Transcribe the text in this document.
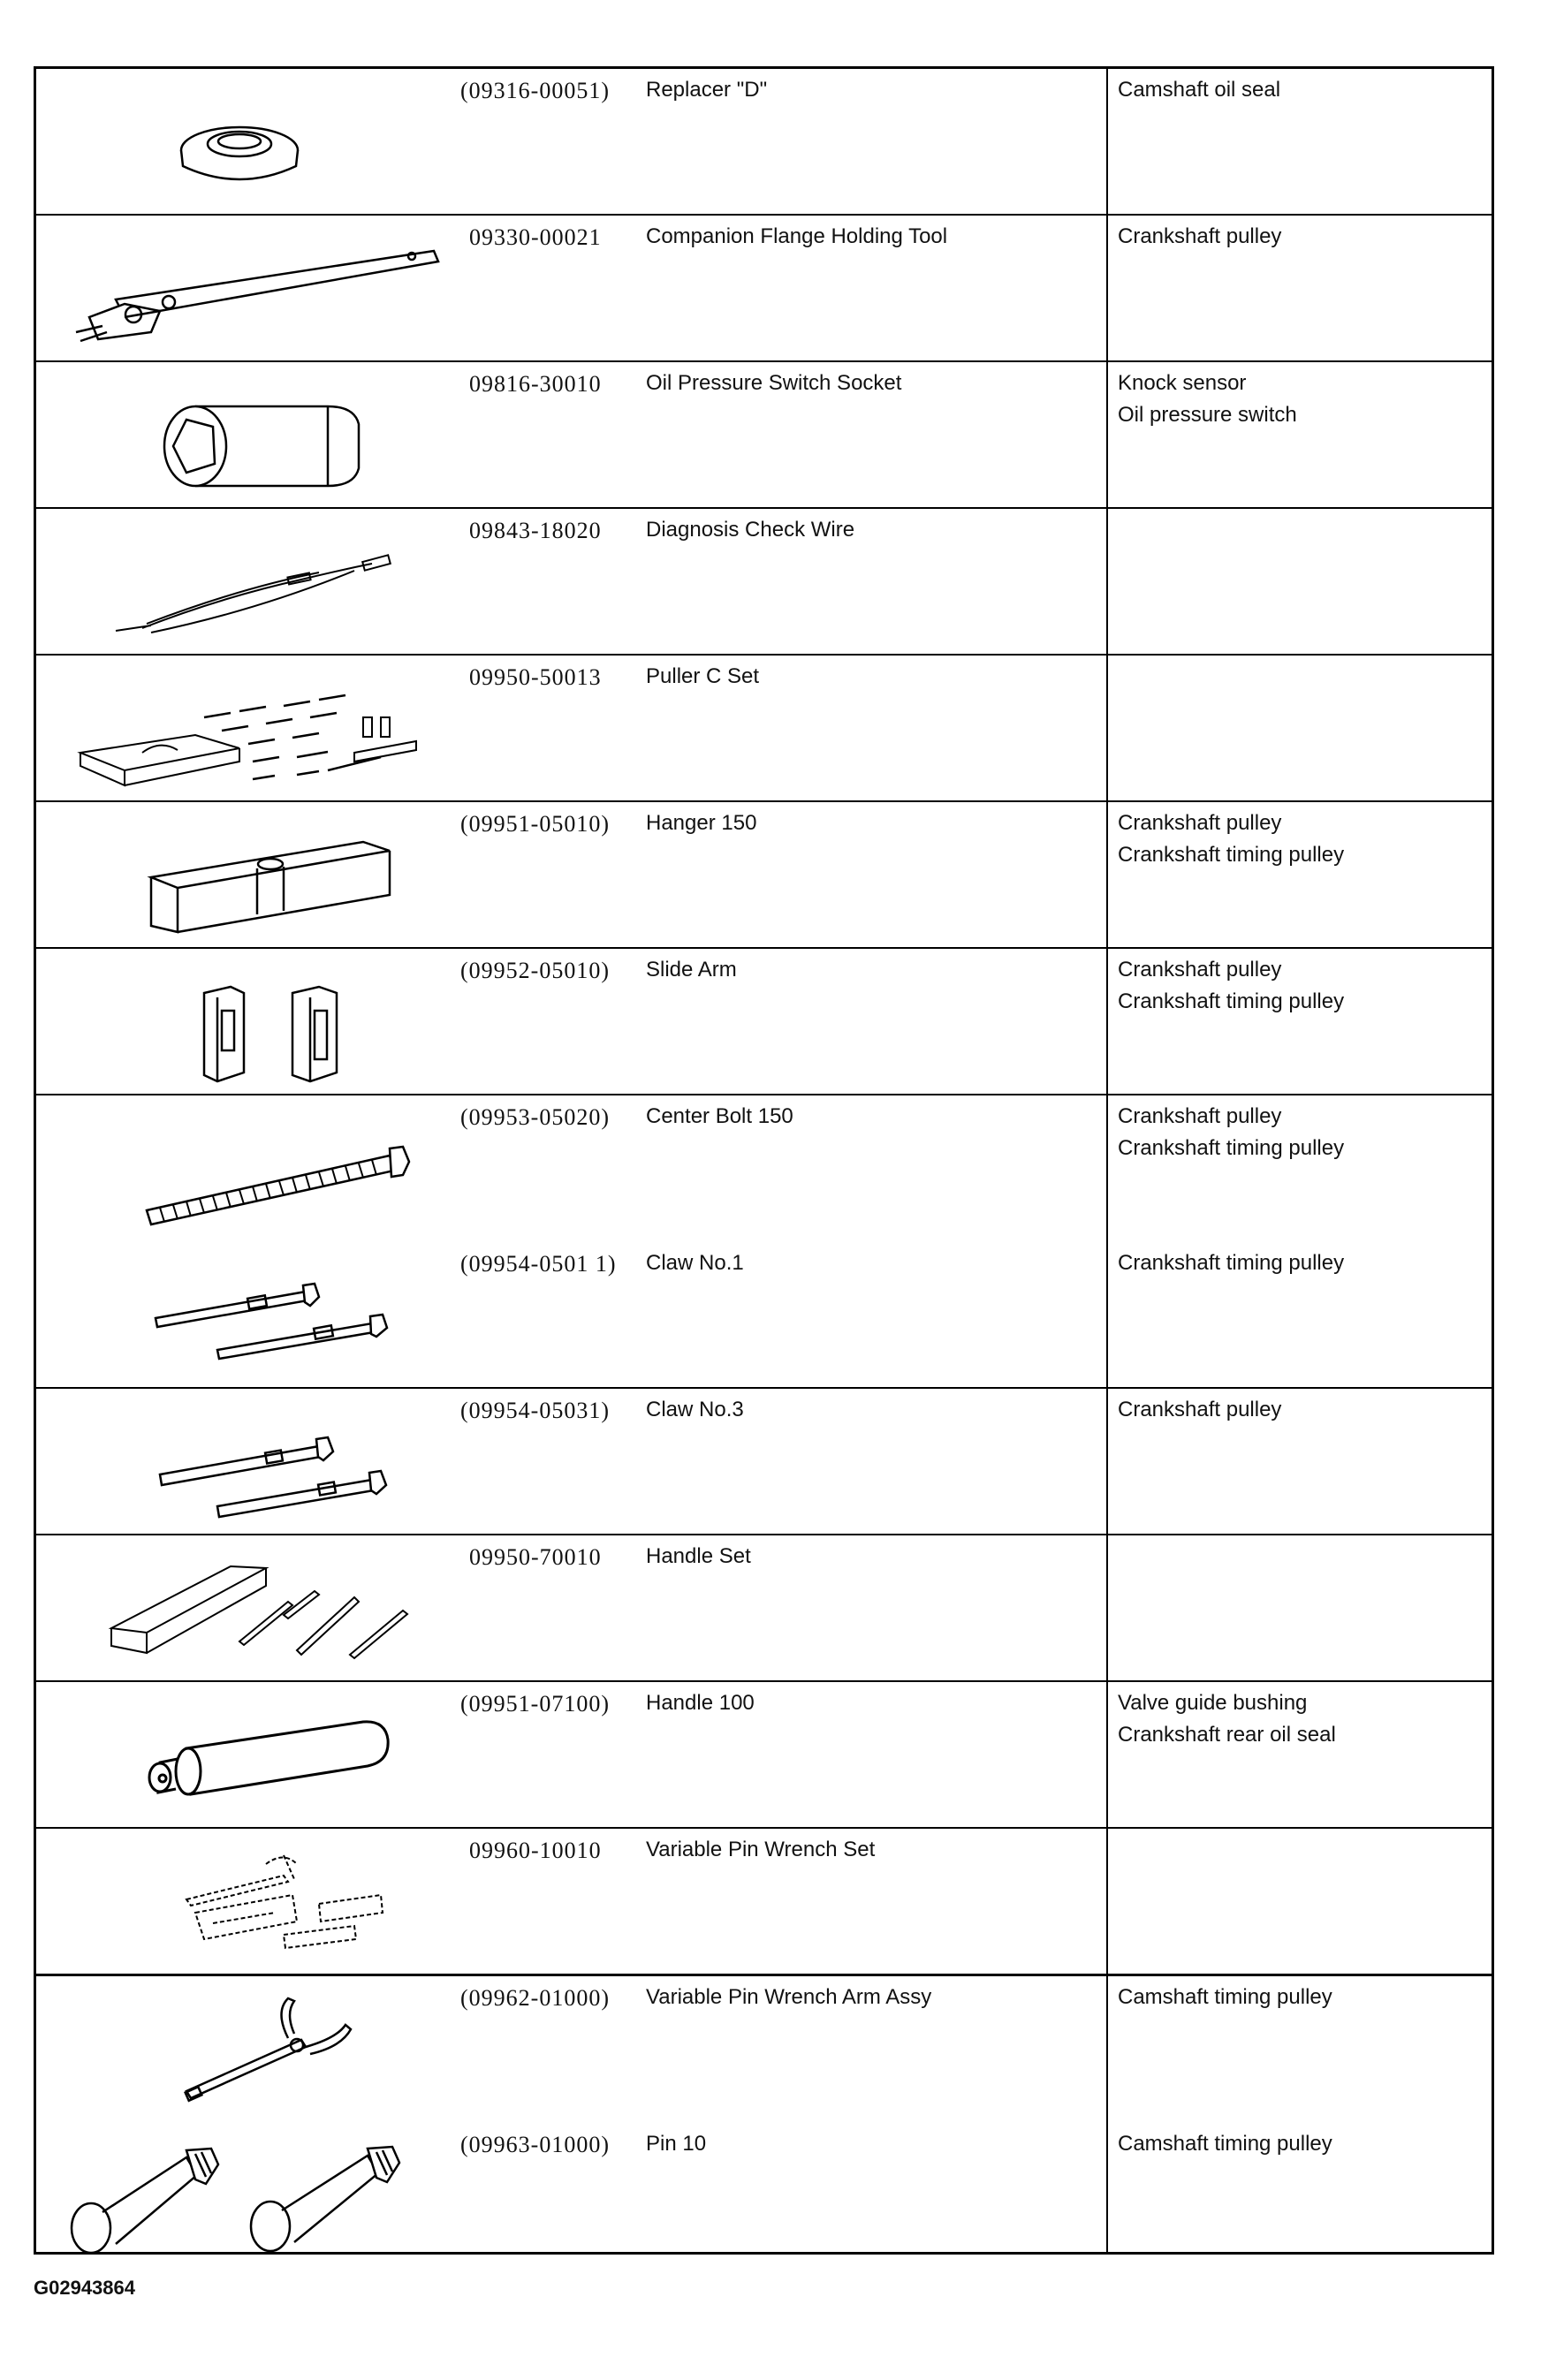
(09316-00051) Replacer "D"	Camshaft oil seal
09330-00021 Companion Flange Holding Tool	Crankshaft pulley
09816-30010 Oil Pressure Switch Socket	Knock sensor
Oil pressure switch
09843-18020 Diagnosis Check Wire
09950-50013 Puller C Set
(09951-05010) Hanger 150	Crankshaft pulley
Crankshaft timing pulley
(09952-05010) Slide Arm	Crankshaft pulley
Crankshaft timing pulley
(09953-05020) Center Bolt 150	Crankshaft pulley
Crankshaft timing pulley
(09954-0501 1) Claw No.1	Crankshaft timing pulley
(09954-05031) Claw No.3	Crankshaft pulley
09950-70010 Handle Set
(09951-07100) Handle 100	Valve guide bushing
Crankshaft rear oil seal
09960-10010 Variable Pin Wrench Set
(09962-01000) Variable Pin Wrench Arm Assy	Camshaft timing pulley
(09963-01000) Pin 10	Camshaft timing pulley
G02943864
